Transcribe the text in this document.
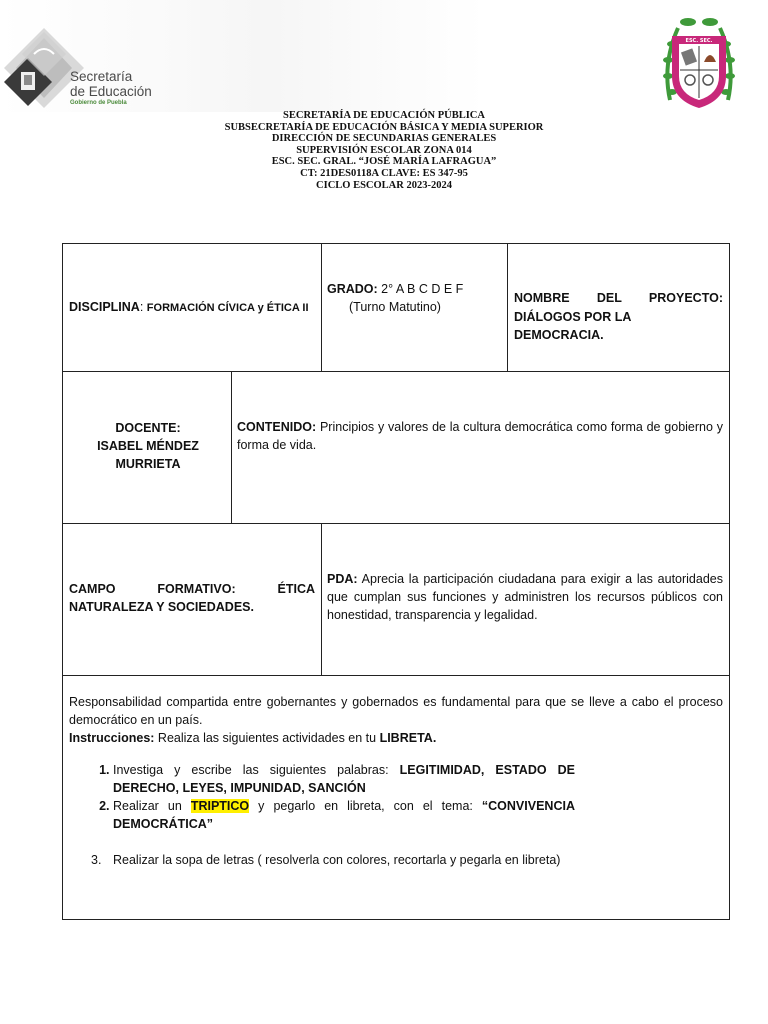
Secretaría
de Educación
Gobierno de Puebla
ESC. SEC.
SECRETARÍA DE EDUCACIÓN PÚBLICA
SUBSECRETARÍA DE EDUCACIÓN BÁSICA Y MEDIA SUPERIOR
DIRECCIÓN DE SECUNDARIAS GENERALES
SUPERVISIÓN ESCOLAR ZONA 014
ESC. SEC. GRAL. “JOSÉ MARÍA LAFRAGUA”
CT: 21DES0118A CLAVE: ES 347-95
CICLO ESCOLAR 2023-2024
DISCIPLINA: FORMACIÓN CÍVICA y ÉTICA II
GRADO: 2° A B C D E F
(Turno Matutino)
NOMBRE DEL PROYECTO:
DIÁLOGOS POR LA DEMOCRACIA.
DOCENTE:
ISABEL MÉNDEZ
MURRIETA
CONTENIDO: Principios y valores de la cultura democrática como forma de gobierno y forma de vida.
CAMPO FORMATIVO: ÉTICA NATURALEZA Y SOCIEDADES.
PDA: Aprecia la participación ciudadana para exigir a las autoridades que cumplan sus funciones y administren los recursos públicos con honestidad, transparencia y legalidad.
Responsabilidad compartida entre gobernantes y gobernados es fundamental para que se lleve a cabo el proceso democrático en un país.
Instrucciones: Realiza las siguientes actividades en tu LIBRETA.
1. Investiga y escribe las siguientes palabras: LEGITIMIDAD, ESTADO DE DERECHO, LEYES, IMPUNIDAD, SANCIÓN
2. Realizar un TRIPTICO y pegarlo en libreta, con el tema: “CONVIVENCIA DEMOCRÁTICA”
3. Realizar la sopa de letras ( resolverla con colores, recortarla y pegarla en libreta)
